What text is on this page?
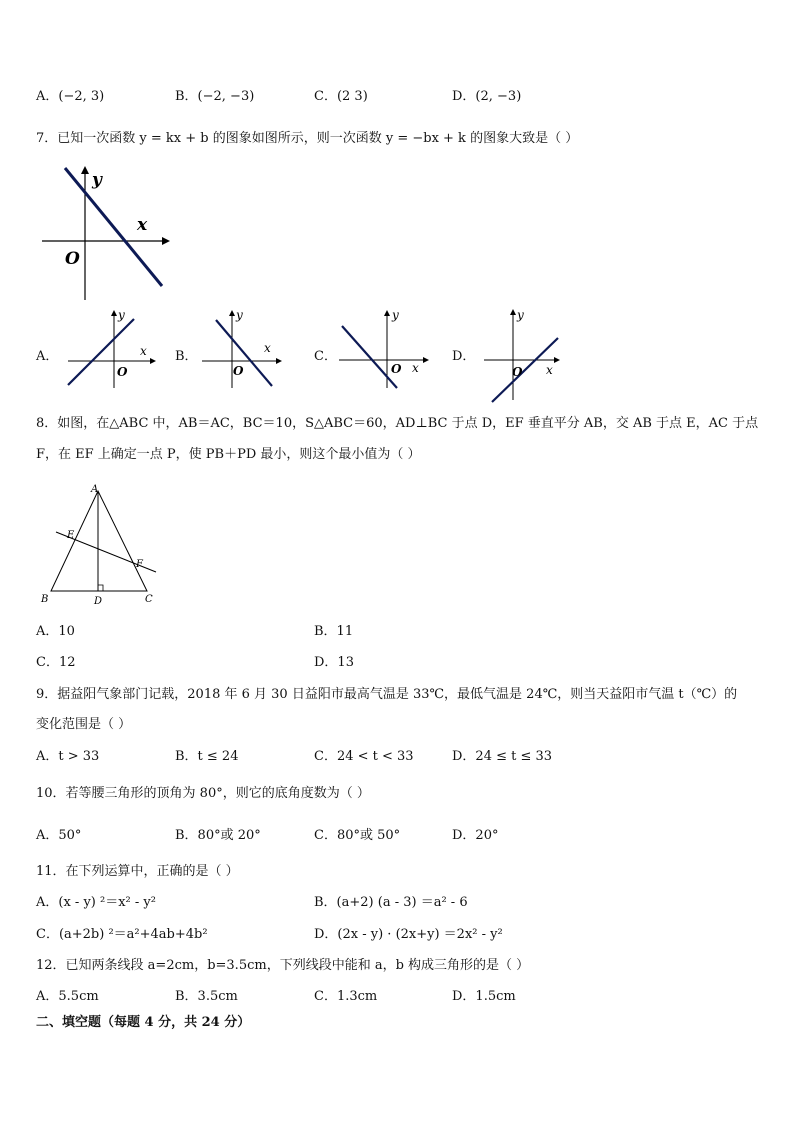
A．(−2, 3)	B．(−2, −3)	C．(2 3)	D．(2, −3)
7．已知一次函数 y = kx + b 的图象如图所示，则一次函数 y = −bx + k 的图象大致是（ ）
y
x
O
A．
y
x
O
B．
y
x
O
C．
y
x
O
D．
y
x
O
8．如图，在△ABC 中，AB＝AC，BC＝10，S△ABC＝60，AD⊥BC 于点 D，EF 垂直平分 AB，交 AB 于点 E，AC 于点
F，在 EF 上确定一点 P，使 PB＋PD 最小，则这个最小值为（ ）
A
B	C
D
E
F
A．10	B．11
C．12	D．13
9．据益阳气象部门记载，2018 年 6 月 30 日益阳市最高气温是 33℃，最低气温是 24℃，则当天益阳市气温 t（℃）的
变化范围是（ ）
A．t > 33	B．t ≤ 24	C．24 < t < 33	D．24 ≤ t ≤ 33
10．若等腰三角形的顶角为 80°，则它的底角度数为（ ）
A．50°	B．80°或 20°	C．80°或 50°	D．20°
11．在下列运算中，正确的是（ ）
A．(x - y) ²＝x² - y²	B．(a+2) (a - 3) ＝a² - 6
C．(a+2b) ²＝a²+4ab+4b²	D．(2x - y) · (2x+y) ＝2x² - y²
12．已知两条线段 a=2cm，b=3.5cm，下列线段中能和 a，b 构成三角形的是（ ）
A．5.5cm	B．3.5cm	C．1.3cm	D．1.5cm
二、填空题（每题 4 分，共 24 分）
